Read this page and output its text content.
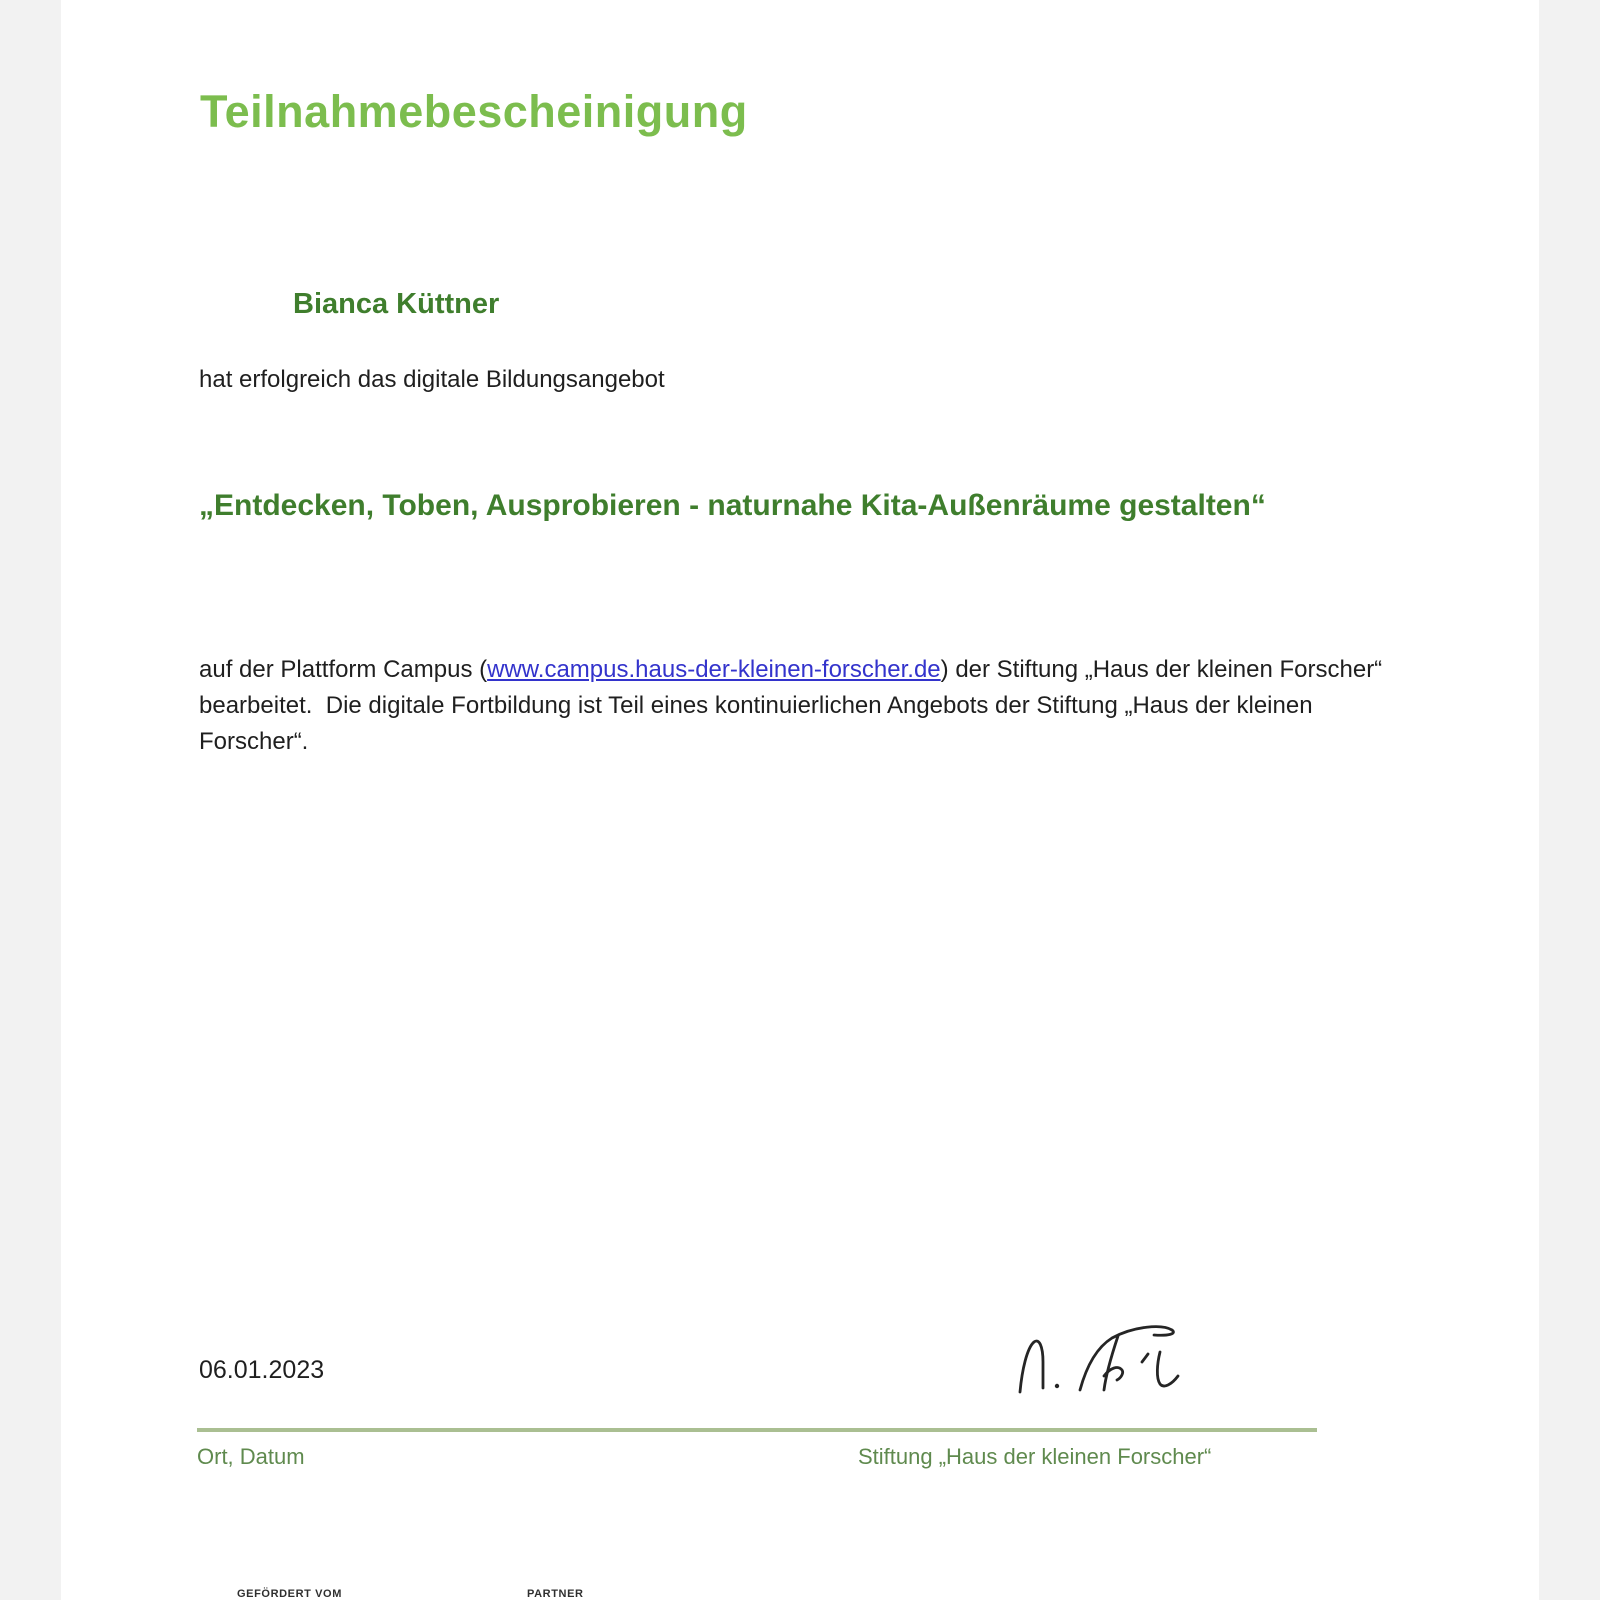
Teilnahmebescheinigung
Bianca Küttner
hat erfolgreich das digitale Bildungsangebot
„Entdecken, Toben, Ausprobieren - naturnahe Kita-Außenräume gestalten“

auf der Plattform Campus (www.campus.haus-der-kleinen-forscher.de) der Stiftung „Haus der kleinen Forscher“ bearbeitet.  Die digitale Fortbildung ist Teil eines kontinuierlichen Angebots der Stiftung „Haus der kleinen Forscher“.

06.01.2023
Ort, Datum	Stiftung „Haus der kleinen Forscher“
GEFÖRDERT VOM	PARTNER
